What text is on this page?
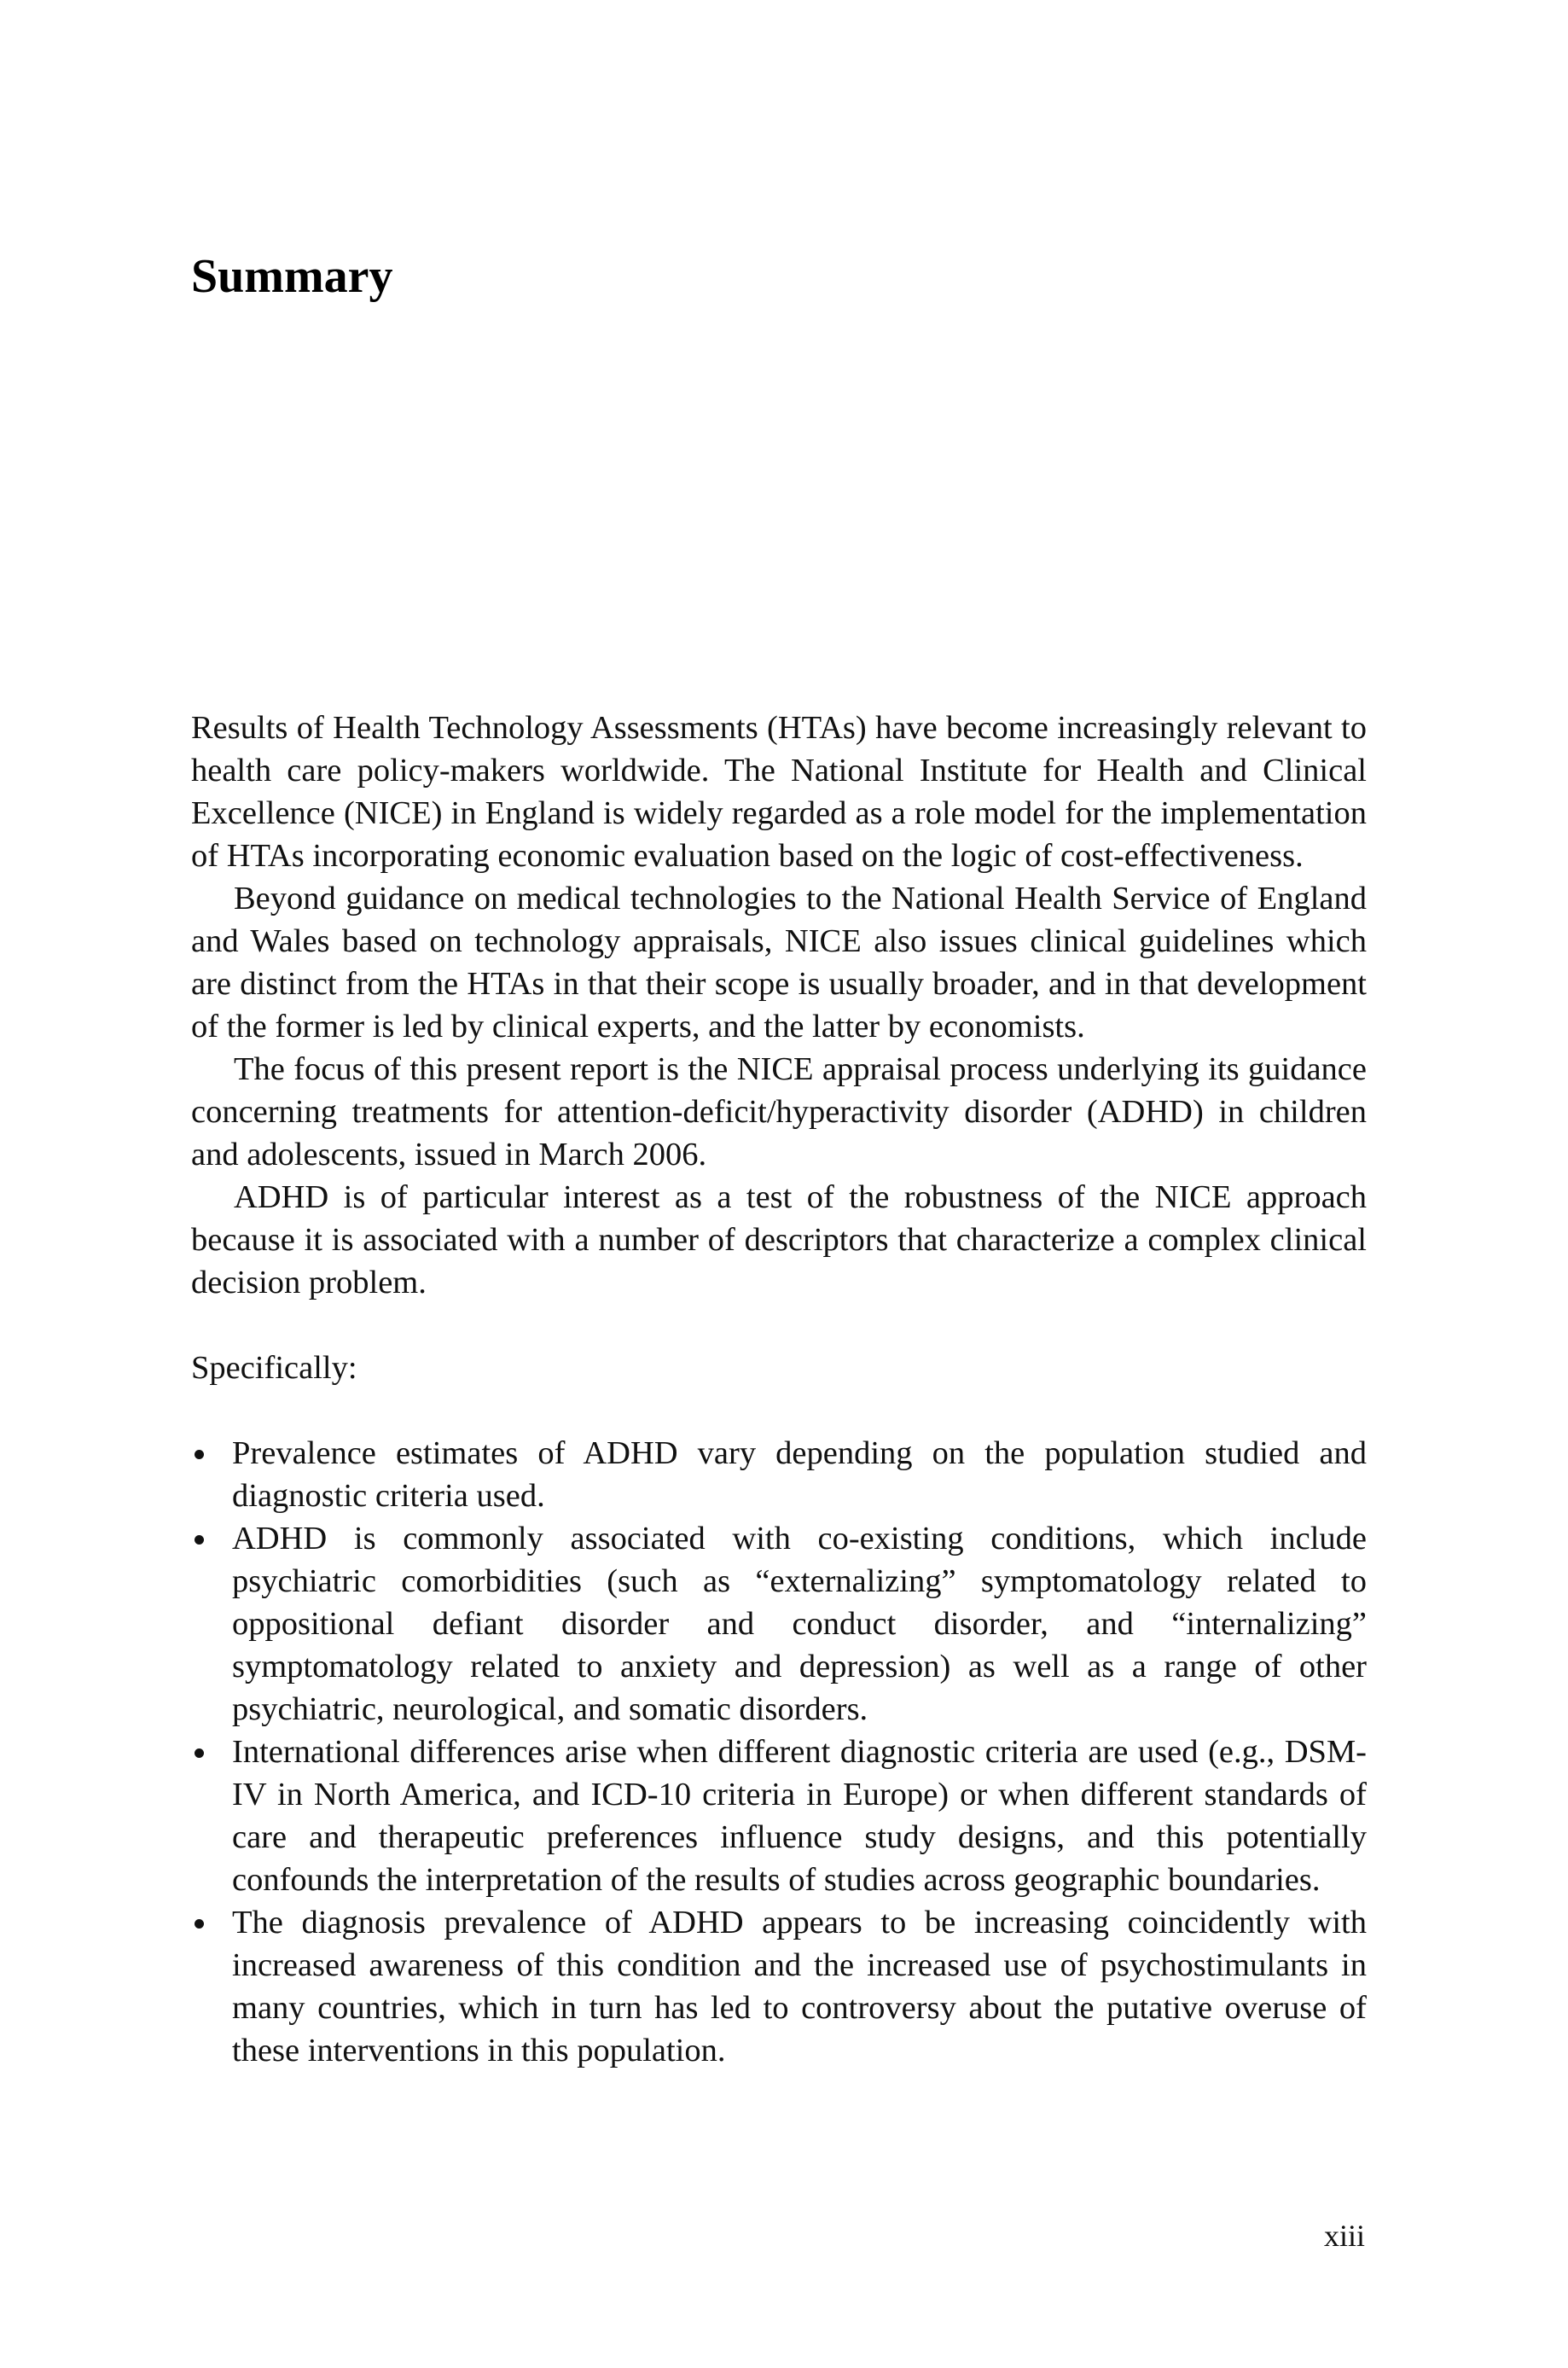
Summary

Results of Health Technology Assessments (HTAs) have become increasingly relevant to health care policy-makers worldwide. The National Institute for Health and Clinical Excellence (NICE) in England is widely regarded as a role model for the implementation of HTAs incorporating economic evaluation based on the logic of cost-effectiveness.

Beyond guidance on medical technologies to the National Health Service of England and Wales based on technology appraisals, NICE also issues clinical guidelines which are distinct from the HTAs in that their scope is usually broader, and in that development of the former is led by clinical experts, and the latter by economists.

The focus of this present report is the NICE appraisal process underlying its guidance concerning treatments for attention-deficit/hyperactivity disorder (ADHD) in children and adolescents, issued in March 2006.

ADHD is of particular interest as a test of the robustness of the NICE approach because it is associated with a number of descriptors that characterize a complex clinical decision problem.

Specifically:

Prevalence estimates of ADHD vary depending on the population studied and diagnostic criteria used.
ADHD is commonly associated with co-existing conditions, which include psychiatric comorbidities (such as “externalizing” symptomatology related to oppositional defiant disorder and conduct disorder, and “internalizing” symptomatology related to anxiety and depression) as well as a range of other psychiatric, neurological, and somatic disorders.
International differences arise when different diagnostic criteria are used (e.g., DSM-IV in North America, and ICD-10 criteria in Europe) or when different standards of care and therapeutic preferences influence study designs, and this potentially confounds the interpretation of the results of studies across geographic boundaries.
The diagnosis prevalence of ADHD appears to be increasing coincidently with increased awareness of this condition and the increased use of psychostimulants in many countries, which in turn has led to controversy about the putative overuse of these interventions in this population.
xiii
